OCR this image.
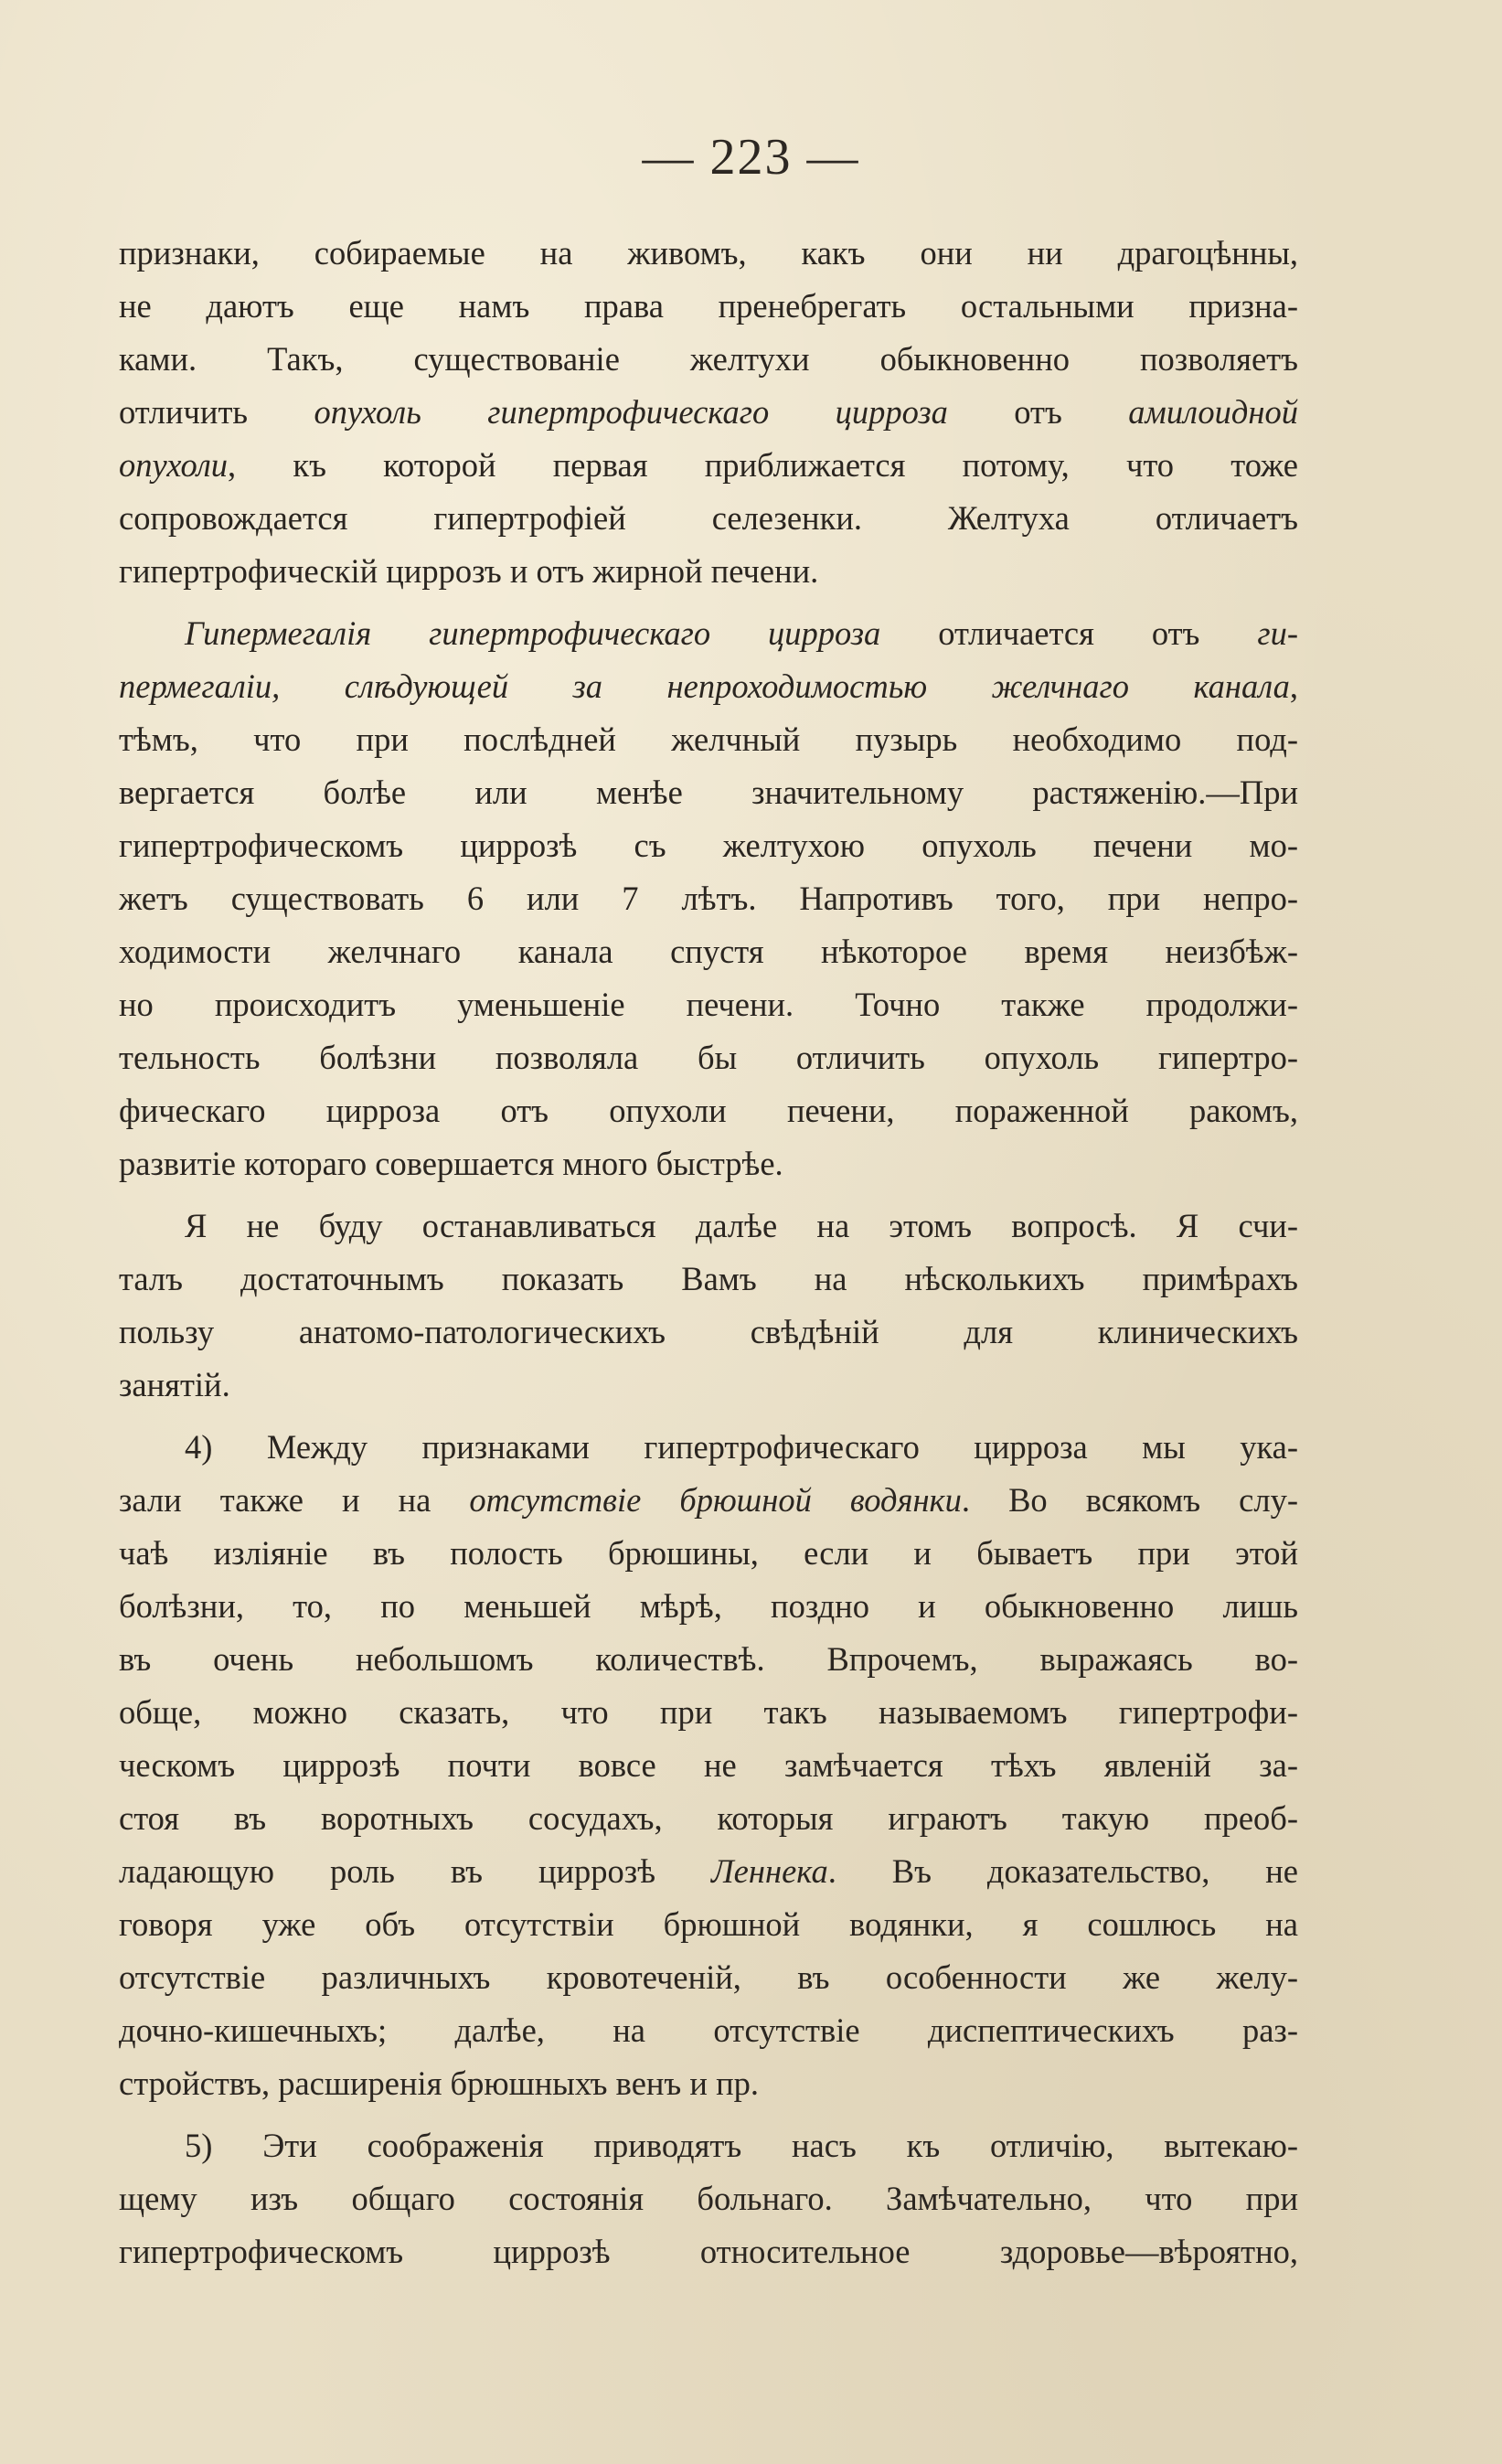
— 223 —
признаки, собираемые на живомъ, какъ они ни драгоцѣнны,
не даютъ еще намъ права пренебрегать остальными призна-
ками. Такъ, существованіе желтухи обыкновенно позволяетъ
отличить опухоль гипертрофическаго цирроза отъ амилоидной
опухоли, къ которой первая приближается потому, что тоже
сопровождается гипертрофіей селезенки. Желтуха отличаетъ
гипертрофическій циррозъ и отъ жирной печени.
Гипермегалія гипертрофическаго цирроза отличается отъ ги-
пермегаліи, слѣдующей за непроходимостью желчнаго канала,
тѣмъ, что при послѣдней желчный пузырь необходимо под-
вергается болѣе или менѣе значительному растяженію.—При
гипертрофическомъ циррозѣ съ желтухою опухоль печени мо-
жетъ существовать 6 или 7 лѣтъ. Напротивъ того, при непро-
ходимости желчнаго канала спустя нѣкоторое время неизбѣж-
но происходитъ уменьшеніе печени. Точно также продолжи-
тельность болѣзни позволяла бы отличить опухоль гипертро-
фическаго цирроза отъ опухоли печени, пораженной ракомъ,
развитіе котораго совершается много быстрѣе.
Я не буду останавливаться далѣе на этомъ вопросѣ. Я счи-
талъ достаточнымъ показать Вамъ на нѣсколькихъ примѣрахъ
пользу анатомо-патологическихъ свѣдѣній для клиническихъ
занятій.
4) Между признаками гипертрофическаго цирроза мы ука-
зали также и на отсутствіе брюшной водянки. Во всякомъ слу-
чаѣ изліяніе въ полость брюшины, если и бываетъ при этой
болѣзни, то, по меньшей мѣрѣ, поздно и обыкновенно лишь
въ очень небольшомъ количествѣ. Впрочемъ, выражаясь во-
обще, можно сказать, что при такъ называемомъ гипертрофи-
ческомъ циррозѣ почти вовсе не замѣчается тѣхъ явленій за-
стоя въ воротныхъ сосудахъ, которыя играютъ такую преоб-
ладающую роль въ циррозѣ Леннека. Въ доказательство, не
говоря уже объ отсутствіи брюшной водянки, я сошлюсь на
отсутствіе различныхъ кровотеченій, въ особенности же желу-
дочно-кишечныхъ; далѣе, на отсутствіе диспептическихъ раз-
стройствъ, расширенія брюшныхъ венъ и пр.
5) Эти соображенія приводятъ насъ къ отличію, вытекаю-
щему изъ общаго состоянія больнаго. Замѣчательно, что при
гипертрофическомъ циррозѣ относительное здоровье—вѣроятно,
